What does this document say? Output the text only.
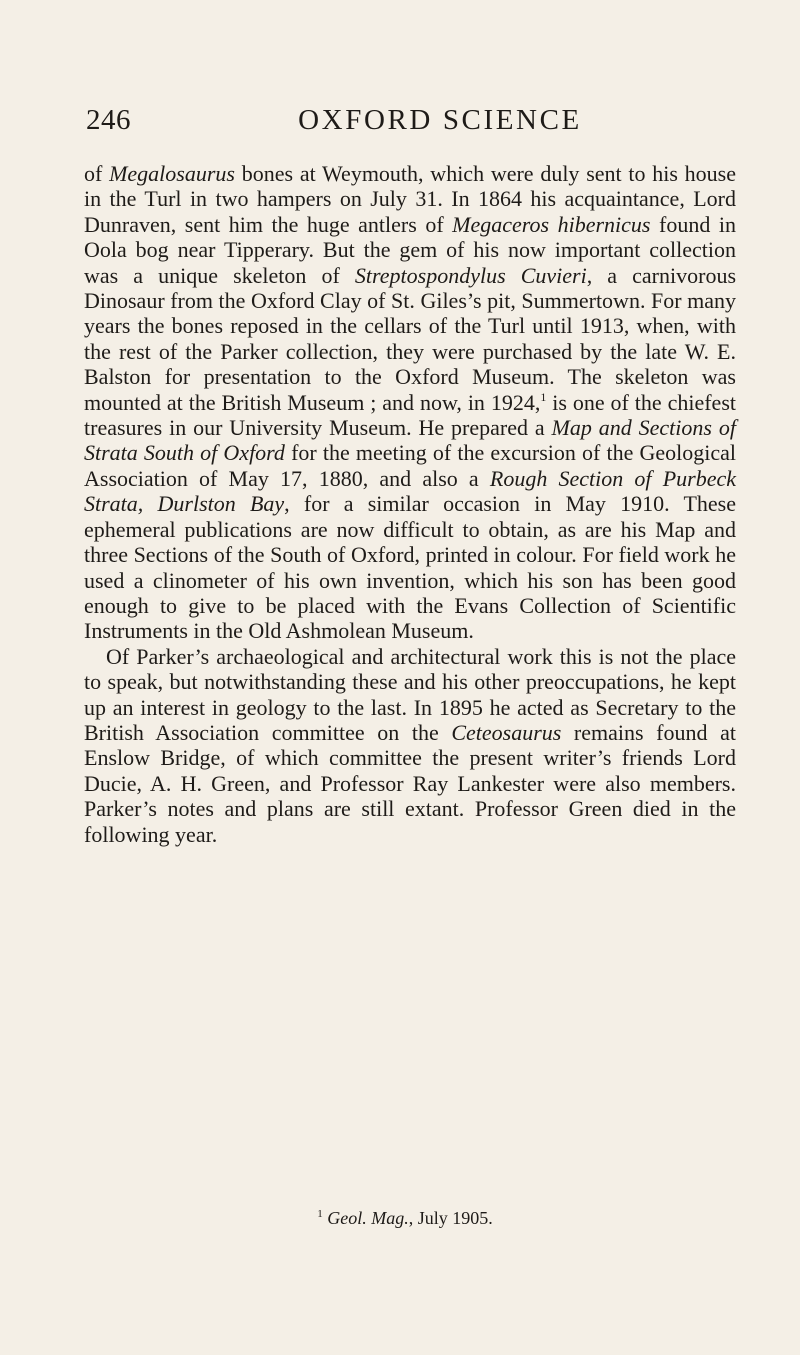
246	OXFORD SCIENCE

of Megalosaurus bones at Weymouth, which were duly sent to his house in the Turl in two hampers on July 31. In 1864 his acquaintance, Lord Dunraven, sent him the huge antlers of Megaceros hibernicus found in Oola bog near Tipperary. But the gem of his now important collection was a unique skeleton of Streptospondylus Cuvieri, a carnivorous Dinosaur from the Oxford Clay of St. Giles’s pit, Summertown. For many years the bones reposed in the cellars of the Turl until 1913, when, with the rest of the Parker collection, they were purchased by the late W. E. Balston for presentation to the Oxford Museum. The skeleton was mounted at the British Museum ; and now, in 1924,$^1$ is one of the chiefest treasures in our University Museum. He prepared a Map and Sections of Strata South of Oxford for the meeting of the excursion of the Geological Association of May 17, 1880, and also a Rough Section of Purbeck Strata, Durlston Bay, for a similar occasion in May 1910. These ephemeral publications are now difficult to obtain, as are his Map and three Sections of the South of Oxford, printed in colour. For field work he used a clinometer of his own invention, which his son has been good enough to give to be placed with the Evans Collection of Scientific Instruments in the Old Ashmolean Museum.

Of Parker’s archaeological and architectural work this is not the place to speak, but notwithstanding these and his other preoccupations, he kept up an interest in geology to the last. In 1895 he acted as Secretary to the British Association committee on the Ceteosaurus remains found at Enslow Bridge, of which committee the present writer’s friends Lord Ducie, A. H. Green, and Professor Ray Lankester were also members. Parker’s notes and plans are still extant. Professor Green died in the following year.

$^1$ Geol. Mag., July 1905.
